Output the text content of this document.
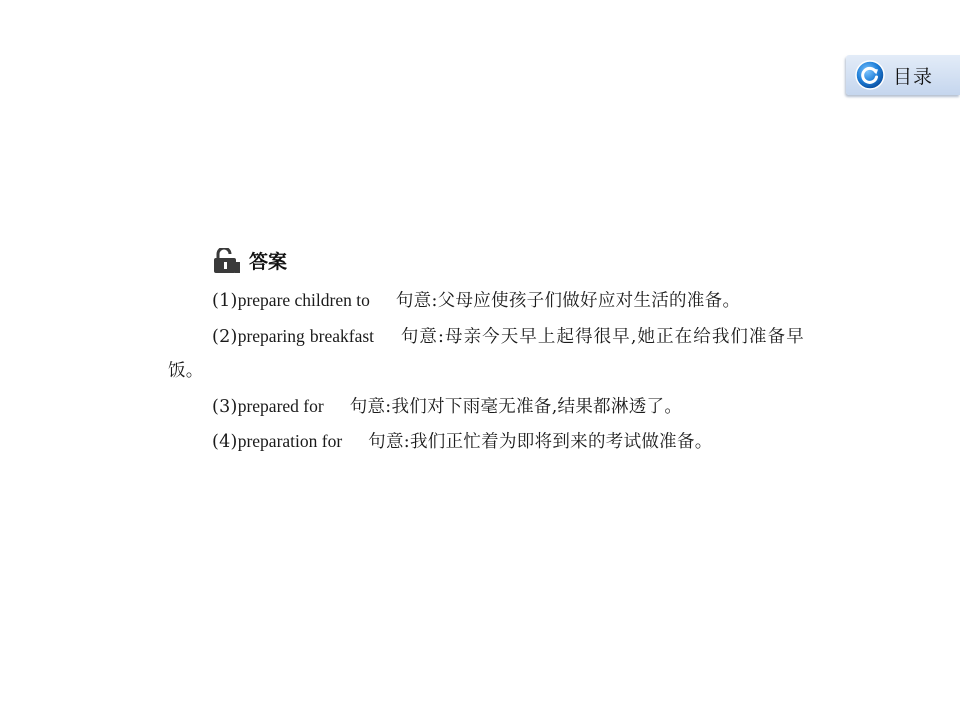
目录
答案

(1)prepare children to 句意:父母应使孩子们做好应对生活的准备。

(2)preparing breakfast 句意:母亲今天早上起得很早,她正在给我们准备早饭。

(3)prepared for 句意:我们对下雨毫无准备,结果都淋透了。

(4)preparation for 句意:我们正忙着为即将到来的考试做准备。
